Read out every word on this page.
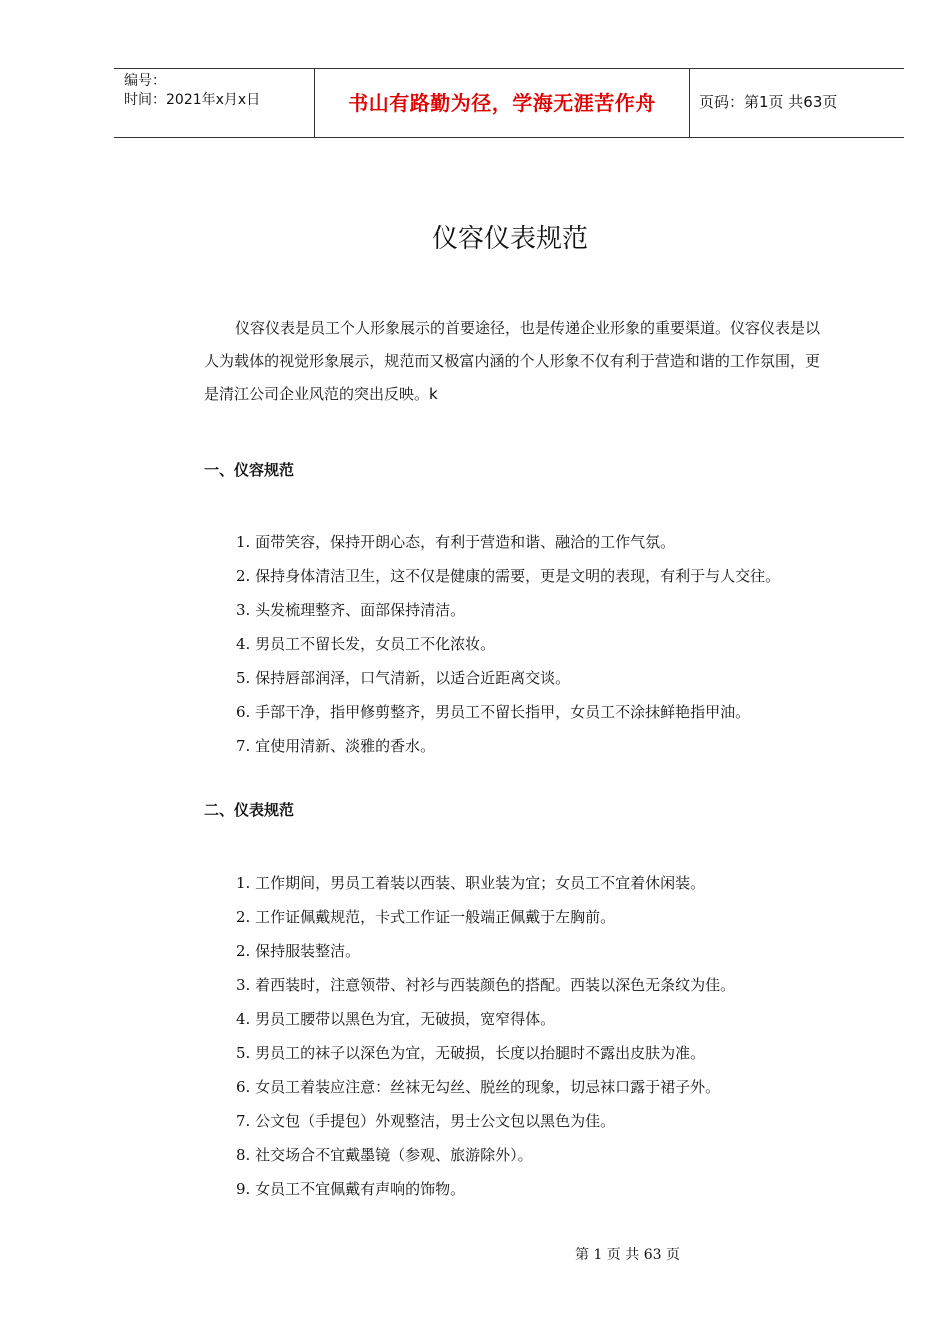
编号：
时间：2021年x月x日	书山有路勤为径，学海无涯苦作舟	页码：第1页 共63页
仪容仪表规范
仪容仪表是员工个人形象展示的首要途径，也是传递企业形象的重要渠道。仪容仪表是以人为载体的视觉形象展示，规范而又极富内涵的个人形象不仅有利于营造和谐的工作氛围，更是清江公司企业风范的突出反映。k
一、仪容规范
1. 面带笑容，保持开朗心态，有利于营造和谐、融洽的工作气氛。
2. 保持身体清洁卫生，这不仅是健康的需要，更是文明的表现，有利于与人交往。
3. 头发梳理整齐、面部保持清洁。
4. 男员工不留长发，女员工不化浓妆。
5. 保持唇部润泽，口气清新，以适合近距离交谈。
6. 手部干净，指甲修剪整齐，男员工不留长指甲，女员工不涂抹鲜艳指甲油。
7. 宜使用清新、淡雅的香水。
二、仪表规范
1. 工作期间，男员工着装以西装、职业装为宜；女员工不宜着休闲装。
2. 工作证佩戴规范，卡式工作证一般端正佩戴于左胸前。
2. 保持服装整洁。
3. 着西装时，注意领带、衬衫与西装颜色的搭配。西装以深色无条纹为佳。
4. 男员工腰带以黑色为宜，无破损，宽窄得体。
5. 男员工的袜子以深色为宜，无破损，长度以抬腿时不露出皮肤为准。
6. 女员工着装应注意：丝袜无勾丝、脱丝的现象，切忌袜口露于裙子外。
7. 公文包（手提包）外观整洁，男士公文包以黑色为佳。
8. 社交场合不宜戴墨镜（参观、旅游除外）。
9. 女员工不宜佩戴有声响的饰物。
第 1 页 共 63 页
